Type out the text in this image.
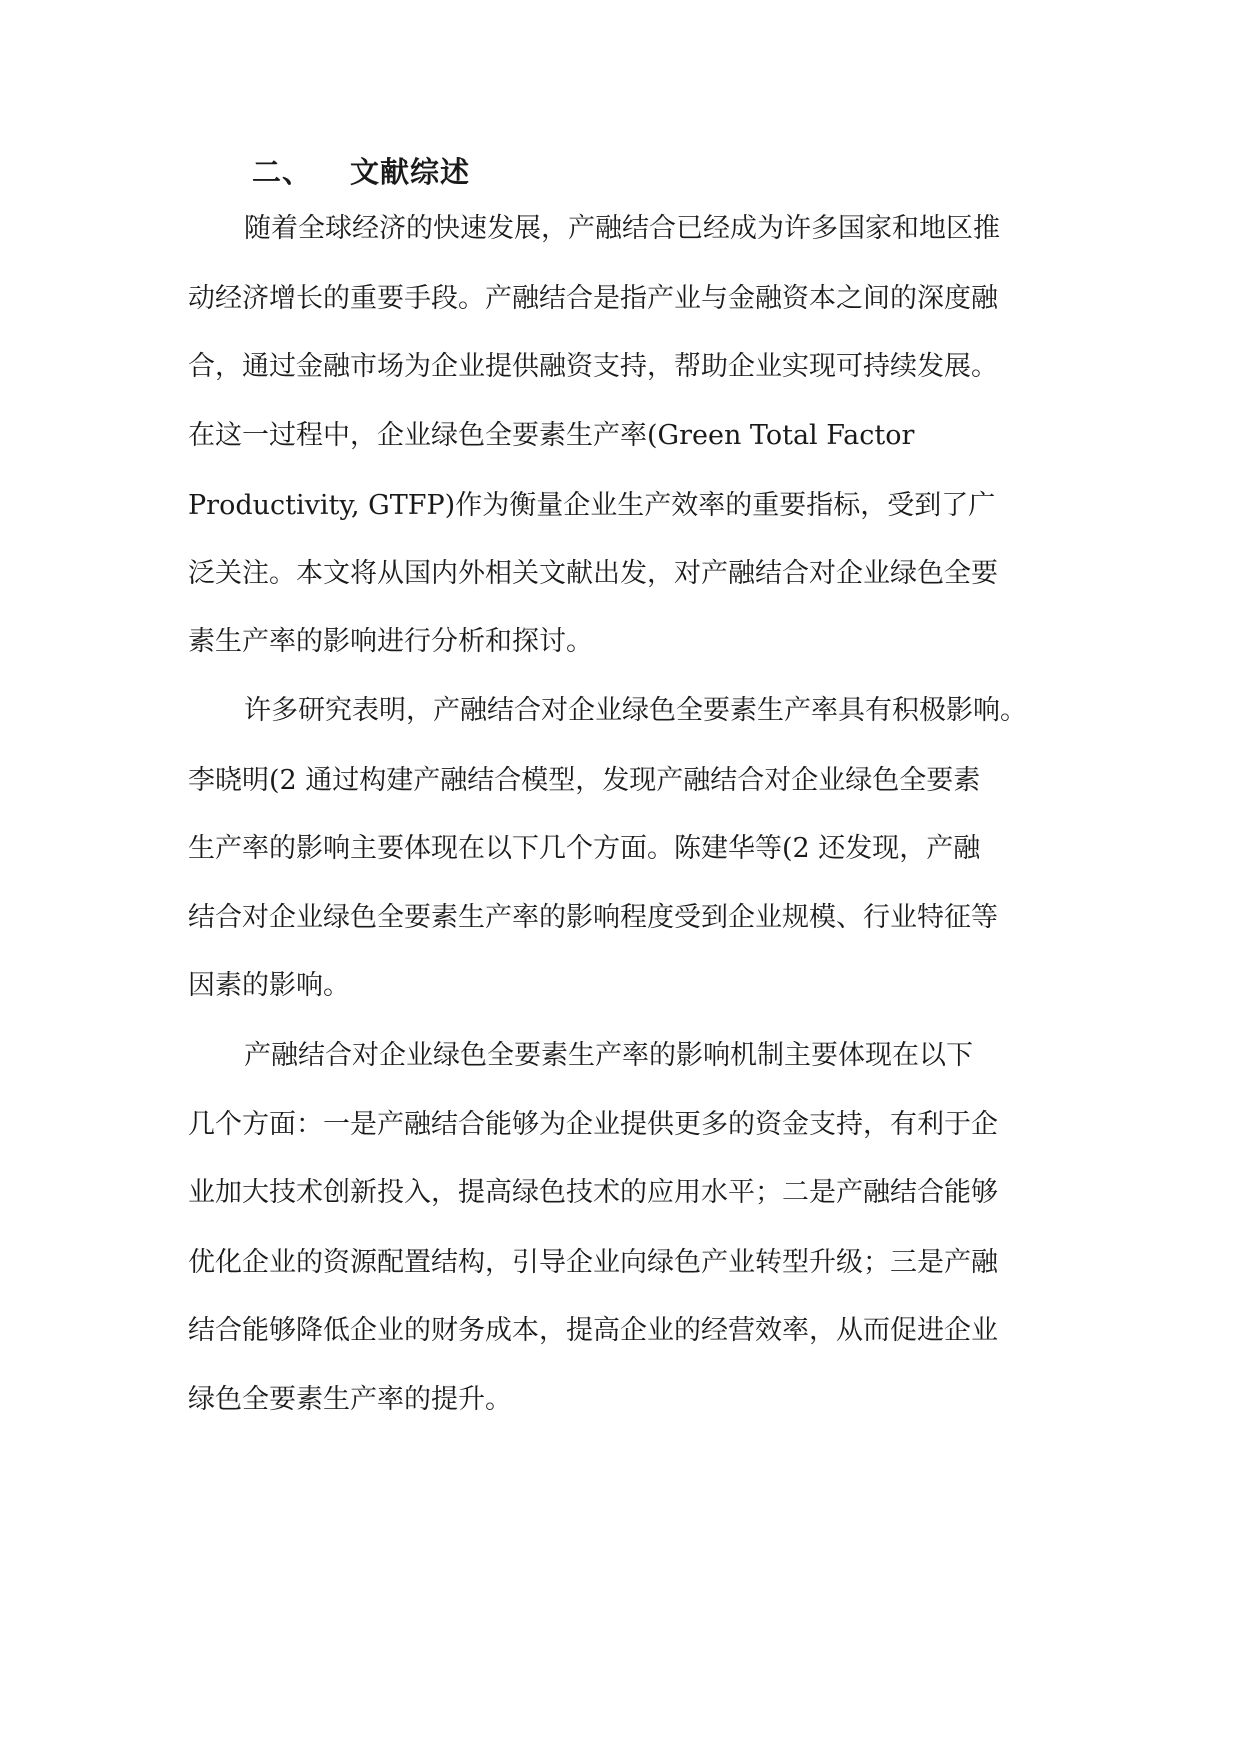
二、 文献综述

随着全球经济的快速发展，产融结合已经成为许多国家和地区推

动经济增长的重要手段。产融结合是指产业与金融资本之间的深度融

合，通过金融市场为企业提供融资支持，帮助企业实现可持续发展。

在这一过程中，企业绿色全要素生产率(Green Total Factor

Productivity, GTFP)作为衡量企业生产效率的重要指标，受到了广

泛关注。本文将从国内外相关文献出发，对产融结合对企业绿色全要

素生产率的影响进行分析和探讨。

许多研究表明，产融结合对企业绿色全要素生产率具有积极影响。

李晓明(2 通过构建产融结合模型，发现产融结合对企业绿色全要素

生产率的影响主要体现在以下几个方面。陈建华等(2 还发现，产融

结合对企业绿色全要素生产率的影响程度受到企业规模、行业特征等

因素的影响。

产融结合对企业绿色全要素生产率的影响机制主要体现在以下

几个方面：一是产融结合能够为企业提供更多的资金支持，有利于企

业加大技术创新投入，提高绿色技术的应用水平；二是产融结合能够

优化企业的资源配置结构，引导企业向绿色产业转型升级；三是产融

结合能够降低企业的财务成本，提高企业的经营效率，从而促进企业

绿色全要素生产率的提升。
